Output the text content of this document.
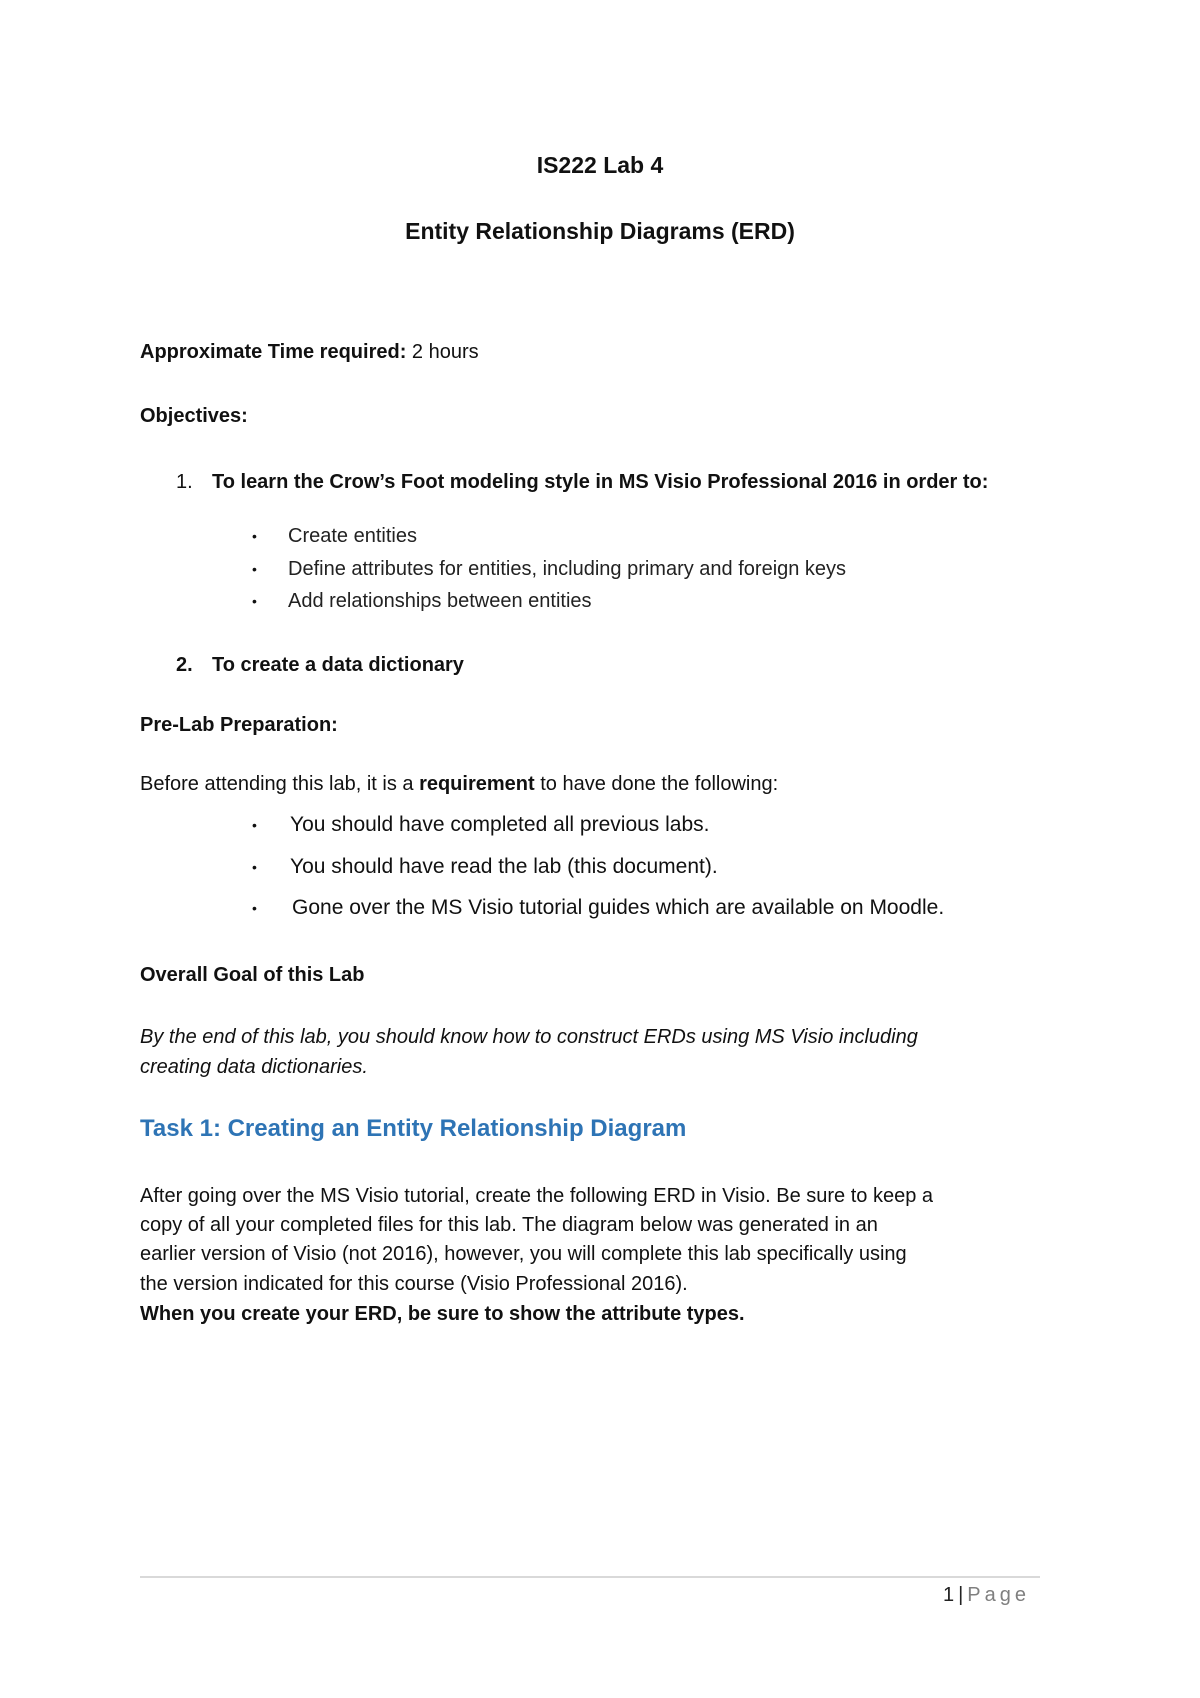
IS222 Lab 4
Entity Relationship Diagrams (ERD)
Approximate Time required: 2 hours
Objectives:
1. To learn the Crow’s Foot modeling style in MS Visio Professional 2016 in order to:
• Create entities
• Define attributes for entities, including primary and foreign keys
• Add relationships between entities
2. To create a data dictionary
Pre-Lab Preparation:
Before attending this lab, it is a requirement to have done the following:
• You should have completed all previous labs.
• You should have read the lab (this document).
• Gone over the MS Visio tutorial guides which are available on Moodle.
Overall Goal of this Lab
By the end of this lab, you should know how to construct ERDs using MS Visio including
creating data dictionaries.
Task 1: Creating an Entity Relationship Diagram
After going over the MS Visio tutorial, create the following ERD in Visio. Be sure to keep a
copy of all your completed files for this lab. The diagram below was generated in an
earlier version of Visio (not 2016), however, you will complete this lab specifically using
the version indicated for this course (Visio Professional 2016).
When you create your ERD, be sure to show the attribute types.
1 | Page
